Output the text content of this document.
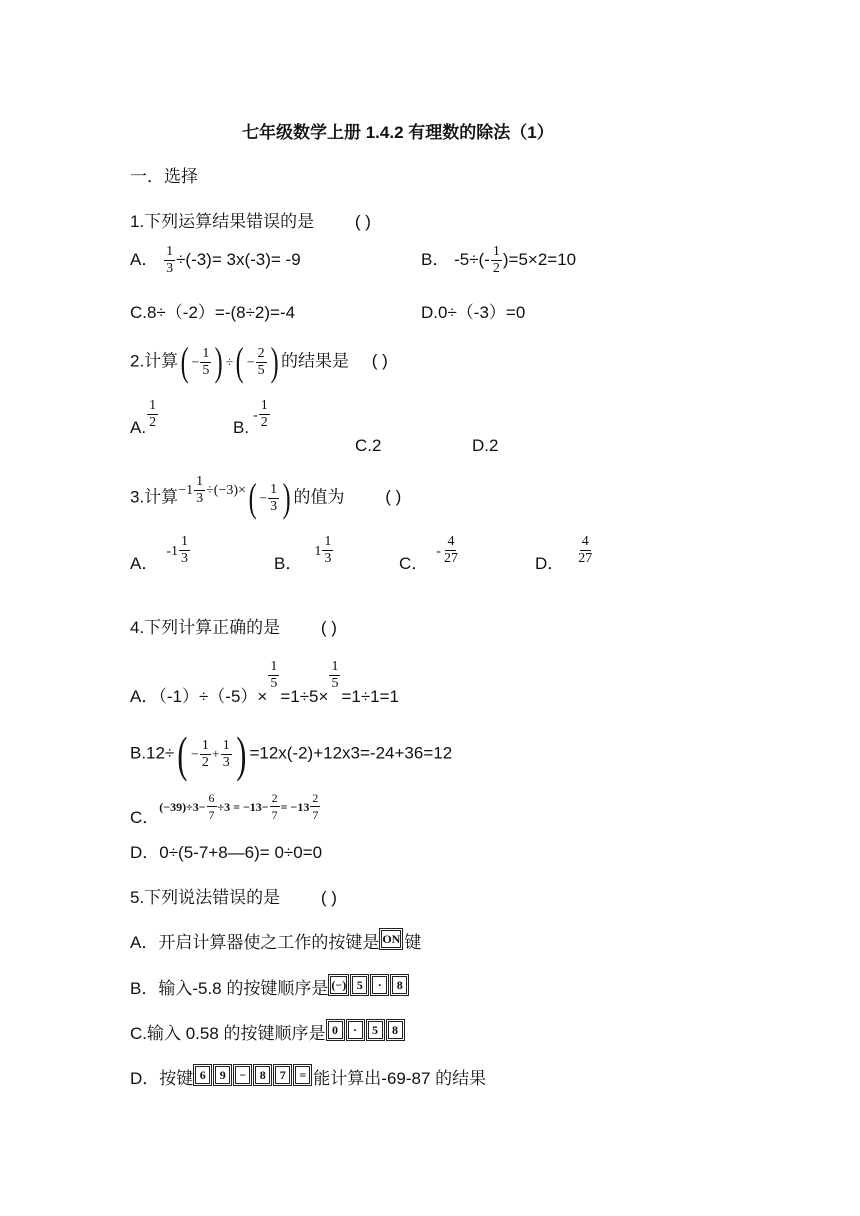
七年级数学上册 1.4.2 有理数的除法（1）
一．选择
1.下列运算结果错误的是 ( )
A． $\frac{1}{3} \div(-3)= 3x(-3)= -9$	B． $-5\div(- \frac{1}{2} )=5\times 2=10$
C.8÷（-2）=-(8÷2)=-4	D.0÷（-3）=0
2.计算( − $\frac{1}{5}$ ) ÷( − $\frac{2}{5}$ ) 的结果是 ( )
A. $\frac{1}{2}$	$B.^- \frac{1}{2}$
C.2	D.2
3.计算$^{-1} \frac{1}{3} ^{\div(-3)\times}( - \frac{1}{3}$ ) 的值为 ( )
A．$^{-1} \frac{1}{3}$	B．$^1 \frac{1}{3}$	C．$^- \frac{4}{27}$	D． $\frac{4}{27}$
4.下列计算正确的是 ( )
A．（-1）÷（-5）×
$\frac{1}{5}$
=1÷5×
$\frac{1}{5}$
=1÷1=1
$B.12\div( - \frac{1}{2} + \frac{1}{3}$ ) =12x(-2)+12x3=-24+36=12
C．$(-39)\div 3- \frac{6}{7} \div 3 = -13- \frac{2}{7} = -13 \frac{2}{7}$
D．0÷(5-7+8—6)= 0÷0=0
5.下列说法错误的是 ( )
A．开启计算器使之工作的按键是 ON 键
B．输入-5.8 的按键顺序是 (−) 5 · 8
C.输入 0.58 的按键顺序是 0 · 5 8
D．按键 6 9 − 8 7 = 能计算出-69-87 的结果
